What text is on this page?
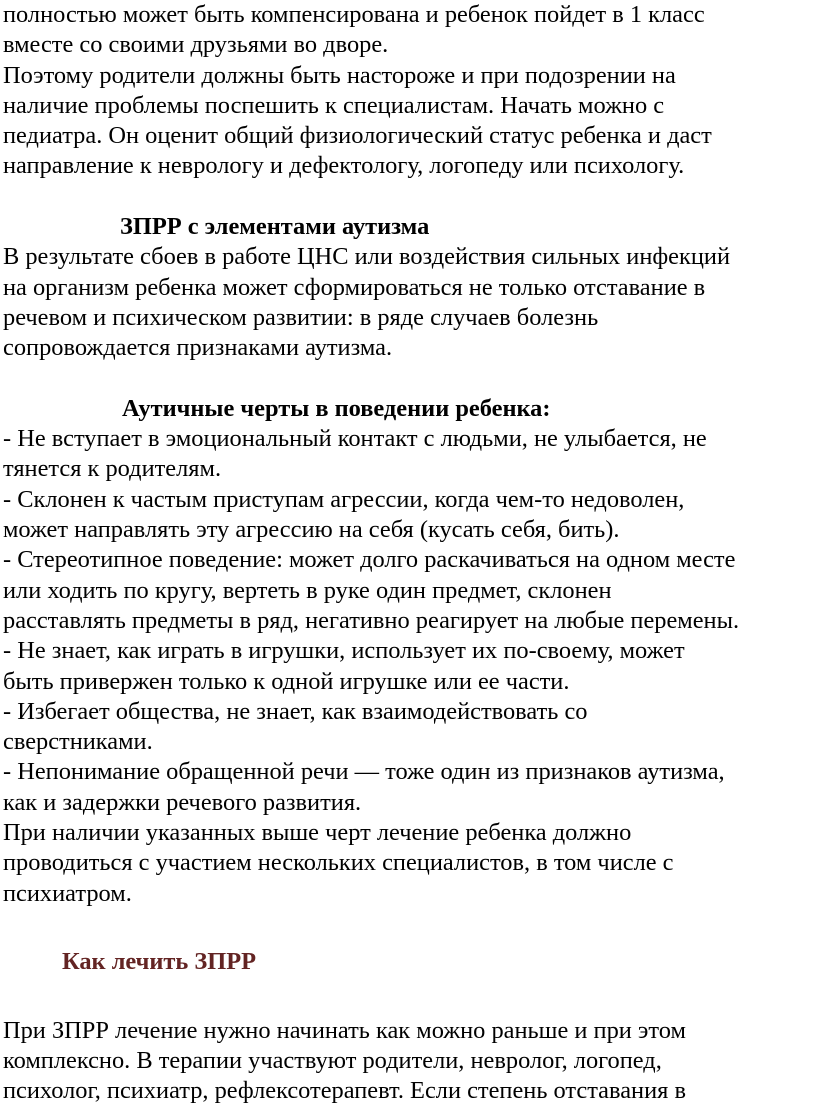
полностью может быть компенсирована и ребенок пойдет в 1 класс
вместе со своими друзьями во дворе.
Поэтому родители должны быть настороже и при подозрении на
наличие проблемы поспешить к специалистам. Начать можно с
педиатра. Он оценит общий физиологический статус ребенка и даст
направление к неврологу и дефектологу, логопеду или психологу.
ЗПРР с элементами аутизма
В результате сбоев в работе ЦНС или воздействия сильных инфекций
на организм ребенка может сформироваться не только отставание в
речевом и психическом развитии: в ряде случаев болезнь
сопровождается признаками аутизма.
Аутичные черты в поведении ребенка:
- Не вступает в эмоциональный контакт с людьми, не улыбается, не
тянется к родителям.
- Склонен к частым приступам агрессии, когда чем-то недоволен,
может направлять эту агрессию на себя (кусать себя, бить).
- Стереотипное поведение: может долго раскачиваться на одном месте
или ходить по кругу, вертеть в руке один предмет, склонен
расставлять предметы в ряд, негативно реагирует на любые перемены.
- Не знает, как играть в игрушки, использует их по-своему, может
быть привержен только к одной игрушке или ее части.
- Избегает общества, не знает, как взаимодействовать со
сверстниками.
- Непонимание обращенной речи — тоже один из признаков аутизма,
как и задержки речевого развития.
При наличии указанных выше черт лечение ребенка должно
проводиться с участием нескольких специалистов, в том числе с
психиатром.
Как лечить ЗПРР
При ЗПРР лечение нужно начинать как можно раньше и при этом
комплексно. В терапии участвуют родители, невролог, логопед,
психолог, психиатр, рефлексотерапевт. Если степень отставания в
